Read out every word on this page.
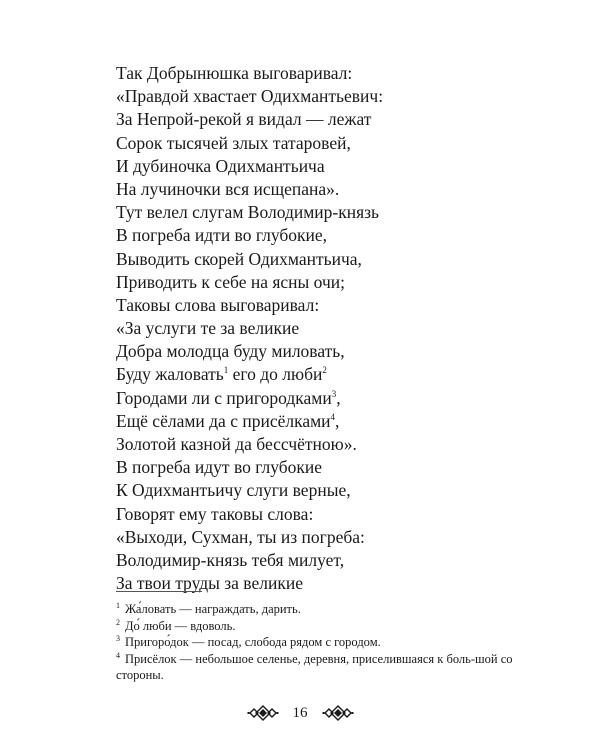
Так Добрынюшка выговаривал:
«Правдой хвастает Одихмантьевич:
За Непрой-рекой я видал — лежат
Сорок тысячей злых татаровей,
И дубиночка Одихмантьича
На лучиночки вся исщепана».
Тут велел слугам Володимир-князь
В погреба идти во глубокие,
Выводить скорей Одихмантьича,
Приводить к себе на ясны очи;
Таковы слова выговаривал:
«За услуги те за великие
Добра молодца буду миловать,
Буду жаловать$^1$ его до люби$^2$
Городами ли с пригородками$^3$,
Ещё сёлами да с присёлками$^4$,
Золотой казной да бессчётною».
В погреба идут во глубокие
К Одихмантьичу слуги верные,
Говорят ему таковы слова:
«Выходи, Сухман, ты из погреба:
Володимир-князь тебя милует,
За твои труды за великие

$^1$ Жа́ловать — награждать, дарить.

$^2$ До́ люби — вдоволь.

$^3$ Пригоро́док — посад, слобода рядом с городом.

$^4$ Присёлок — небольшое селенье, деревня, приселившаяся к боль-шой со стороны.

16
